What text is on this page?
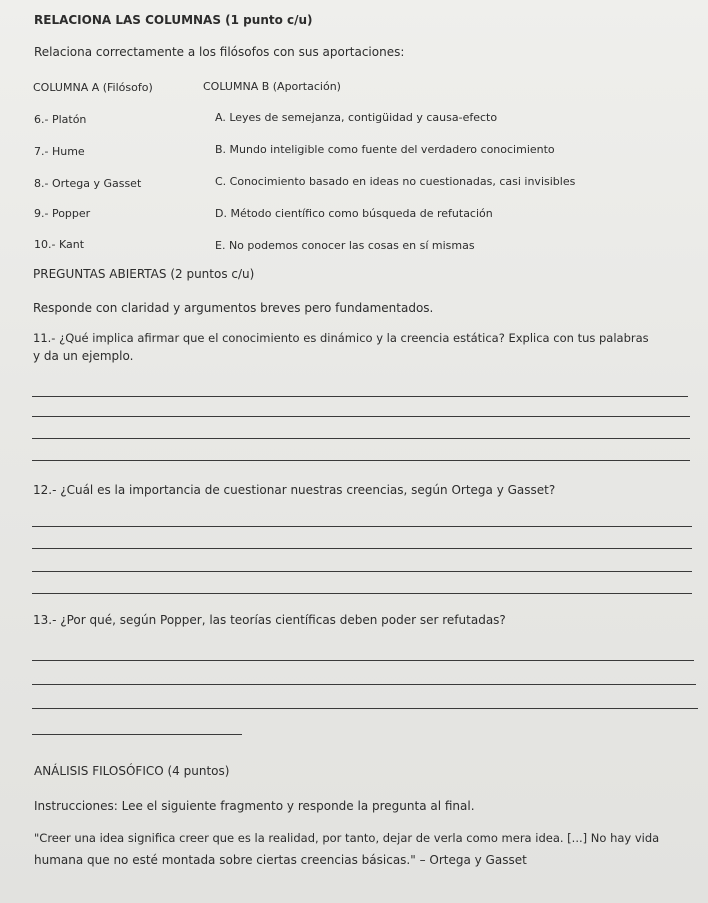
RELACIONA LAS COLUMNAS (1 punto c/u)
Relaciona correctamente a los filósofos con sus aportaciones:
COLUMNA A (Filósofo)	COLUMNA B (Aportación)
6.- Platón
7.- Hume
8.- Ortega y Gasset
9.- Popper
10.- Kant
A. Leyes de semejanza, contigüidad y causa-efecto
B. Mundo inteligible como fuente del verdadero conocimiento
C. Conocimiento basado en ideas no cuestionadas, casi invisibles
D. Método científico como búsqueda de refutación
E. No podemos conocer las cosas en sí mismas
PREGUNTAS ABIERTAS (2 puntos c/u)
Responde con claridad y argumentos breves pero fundamentados.
11.- ¿Qué implica afirmar que el conocimiento es dinámico y la creencia estática? Explica con tus palabras
y da un ejemplo.
12.- ¿Cuál es la importancia de cuestionar nuestras creencias, según Ortega y Gasset?
13.- ¿Por qué, según Popper, las teorías científicas deben poder ser refutadas?
ANÁLISIS FILOSÓFICO (4 puntos)
Instrucciones: Lee el siguiente fragmento y responde la pregunta al final.
"Creer una idea significa creer que es la realidad, por tanto, dejar de verla como mera idea. [...] No hay vida
humana que no esté montada sobre ciertas creencias básicas." – Ortega y Gasset
